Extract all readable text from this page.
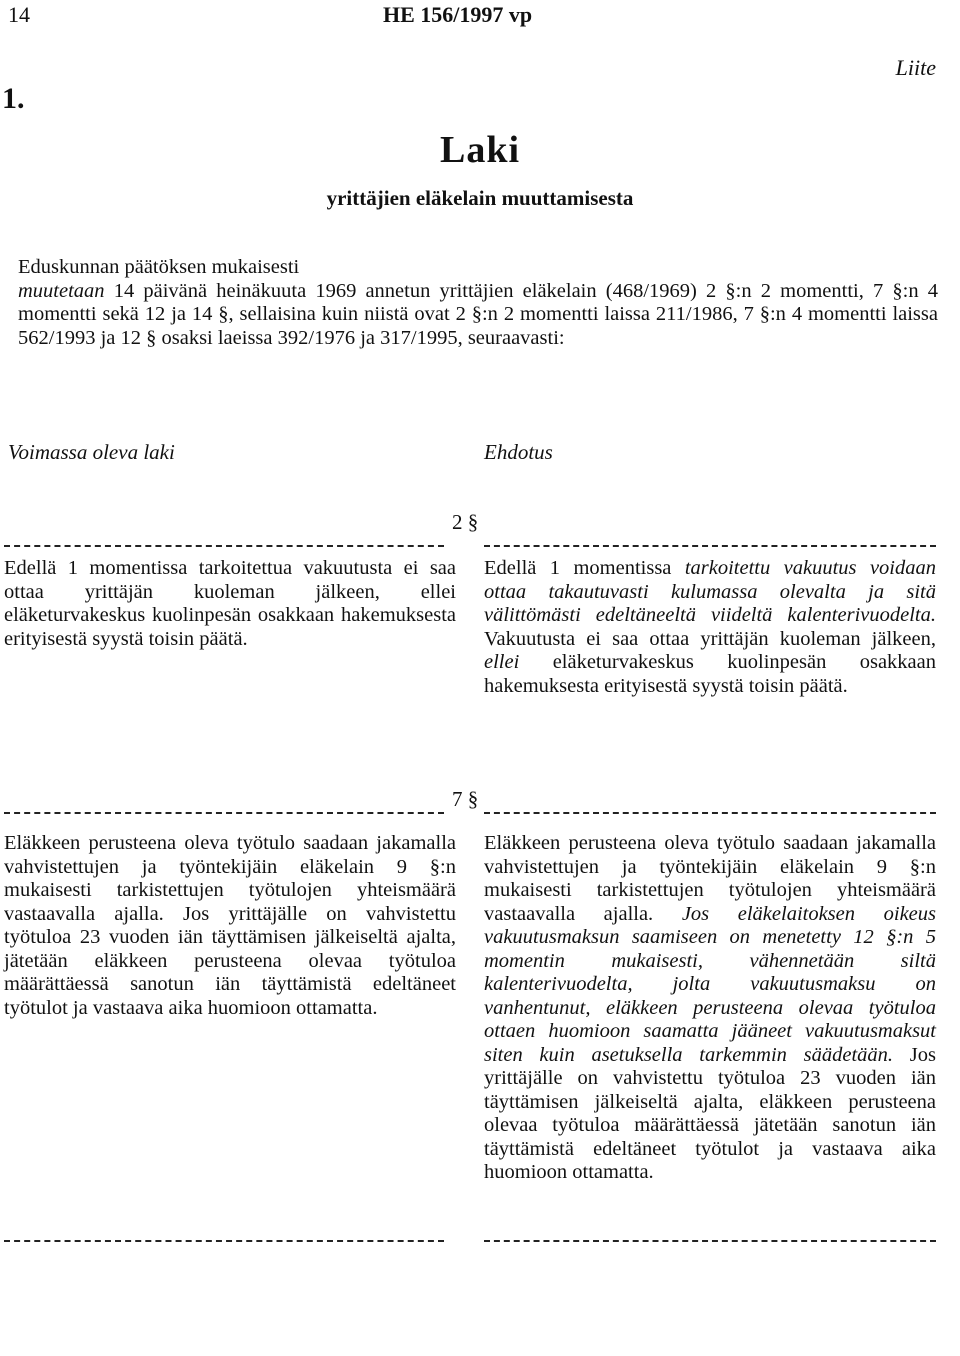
14	HE 156/1997 vp
Liite
1.
Laki
yrittäjien eläkelain muuttamisesta

Eduskunnan päätöksen mukaisesti

muutetaan 14 päivänä heinäkuuta 1969 annetun yrittäjien eläkelain (468/1969) 2 §:n 2 momentti, 7 §:n 4 momentti sekä 12 ja 14 §, sellaisina kuin niistä ovat 2 §:n 2 momentti laissa 211/1986, 7 §:n 4 momentti laissa 562/1993 ja 12 § osaksi laeissa 392/1976 ja 317/1995, seuraavasti:

Voimassa oleva laki	Ehdotus
2 §
Edellä 1 momentissa tarkoitettua vakuutusta ei saa ottaa yrittäjän kuoleman jälkeen, ellei eläketurvakeskus kuolinpesän osakkaan hakemuksesta erityisestä syystä toisin päätä.

Edellä 1 momentissa tarkoitettu vakuutus voidaan ottaa takautuvasti kulumassa olevalta ja sitä välittömästi edeltäneeltä viideltä kalenterivuodelta. Vakuutusta ei saa ottaa yrittäjän kuoleman jälkeen, ellei eläketurvakeskus kuolinpesän osakkaan hakemuksesta erityisestä syystä toisin päätä.

7 §
Eläkkeen perusteena oleva työtulo saadaan jakamalla vahvistettujen ja työntekijäin eläkelain 9 §:n mukaisesti tarkistettujen työtulojen yhteismäärä vastaavalla ajalla. Jos yrittäjälle on vahvistettu työtuloa 23 vuoden iän täyttämisen jälkeiseltä ajalta, jätetään eläkkeen perusteena olevaa työtuloa määrättäessä sanotun iän täyttämistä edeltäneet työtulot ja vastaava aika huomioon ottamatta.

Eläkkeen perusteena oleva työtulo saadaan jakamalla vahvistettujen ja työntekijäin eläkelain 9 §:n mukaisesti tarkistettujen työtulojen yhteismäärä vastaavalla ajalla. Jos eläkelaitoksen oikeus vakuutusmaksun saamiseen on menetetty 12 §:n 5 momentin mukaisesti, vähennetään siltä kalenterivuodelta, jolta vakuutusmaksu on vanhentunut, eläkkeen perusteena olevaa työtuloa ottaen huomioon saamatta jääneet vakuutusmaksut siten kuin asetuksella tarkemmin säädetään. Jos yrittäjälle on vahvistettu työtuloa 23 vuoden iän täyttämisen jälkeiseltä ajalta, eläkkeen perusteena olevaa työtuloa määrättäessä jätetään sanotun iän täyttämistä edeltäneet työtulot ja vastaava aika huomioon ottamatta.
